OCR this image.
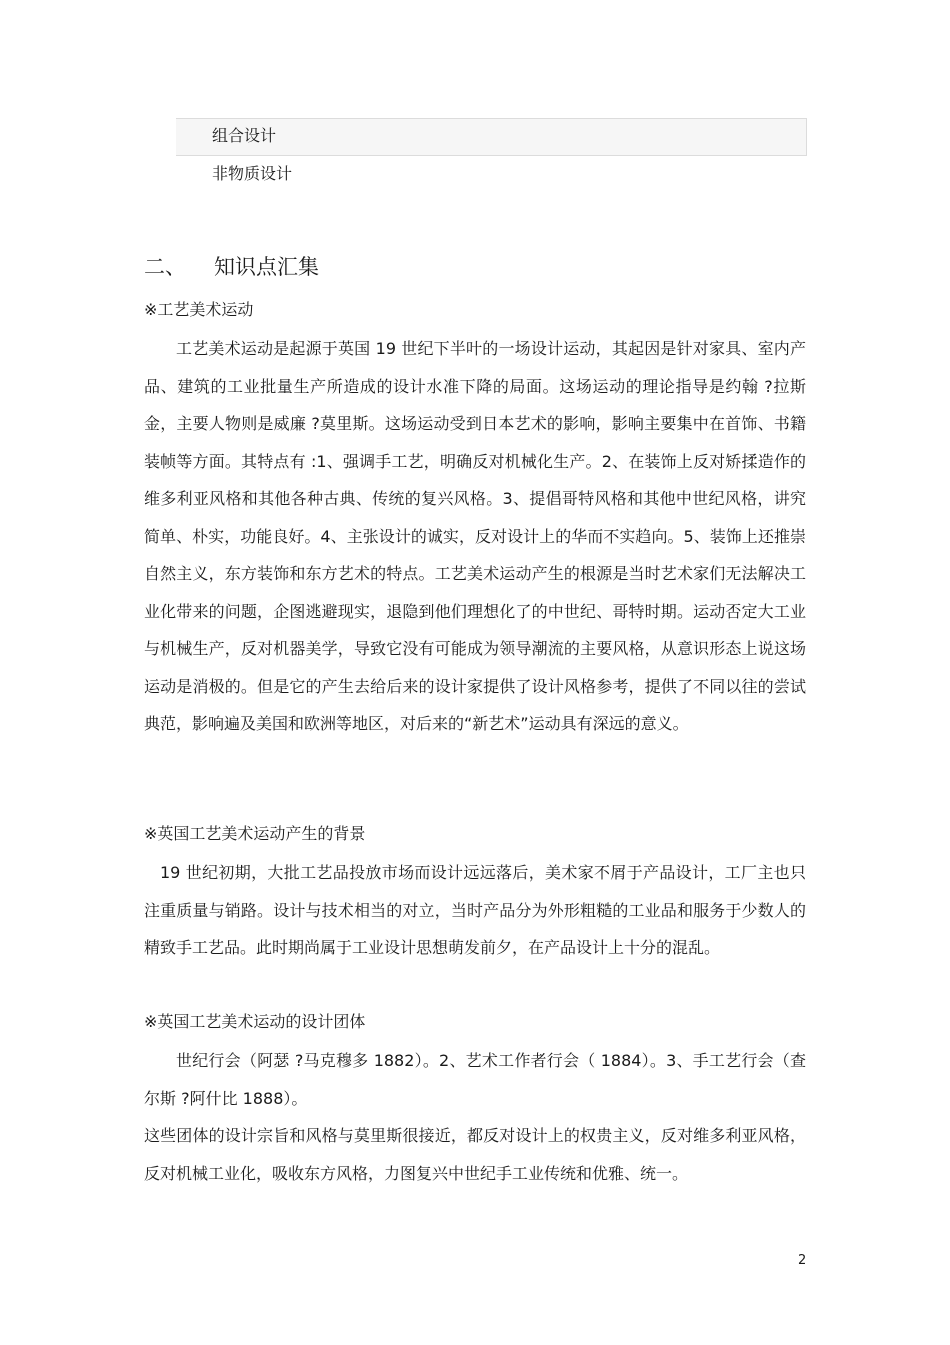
组合设计
非物质设计
二、 知识点汇集
※工艺美术运动

工艺美术运动是起源于英国 19 世纪下半叶的一场设计运动，其起因是针对家具、室内产品、建筑的工业批量生产所造成的设计水准下降的局面。这场运动的理论指导是约翰 ?拉斯金，主要人物则是威廉 ?莫里斯。这场运动受到日本艺术的影响，影响主要集中在首饰、书籍装帧等方面。其特点有 :1、强调手工艺，明确反对机械化生产。2、在装饰上反对矫揉造作的维多利亚风格和其他各种古典、传统的复兴风格。3、提倡哥特风格和其他中世纪风格，讲究简单、朴实，功能良好。4、主张设计的诚实，反对设计上的华而不实趋向。5、装饰上还推崇自然主义，东方装饰和东方艺术的特点。工艺美术运动产生的根源是当时艺术家们无法解决工业化带来的问题，企图逃避现实，退隐到他们理想化了的中世纪、哥特时期。运动否定大工业与机械生产，反对机器美学，导致它没有可能成为领导潮流的主要风格，从意识形态上说这场运动是消极的。但是它的产生去给后来的设计家提供了设计风格参考，提供了不同以往的尝试典范，影响遍及美国和欧洲等地区，对后来的“新艺术”运动具有深远的意义。

※英国工艺美术运动产生的背景

19 世纪初期，大批工艺品投放市场而设计远远落后，美术家不屑于产品设计，工厂主也只注重质量与销路。设计与技术相当的对立，当时产品分为外形粗糙的工业品和服务于少数人的精致手工艺品。此时期尚属于工业设计思想萌发前夕，在产品设计上十分的混乱。

※英国工艺美术运动的设计团体

世纪行会（阿瑟 ?马克穆多 1882）。2、艺术工作者行会（ 1884）。3、手工艺行会（查尔斯 ?阿什比 1888）。

这些团体的设计宗旨和风格与莫里斯很接近，都反对设计上的权贵主义，反对维多利亚风格，反对机械工业化，吸收东方风格，力图复兴中世纪手工业传统和优雅、统一。

2
